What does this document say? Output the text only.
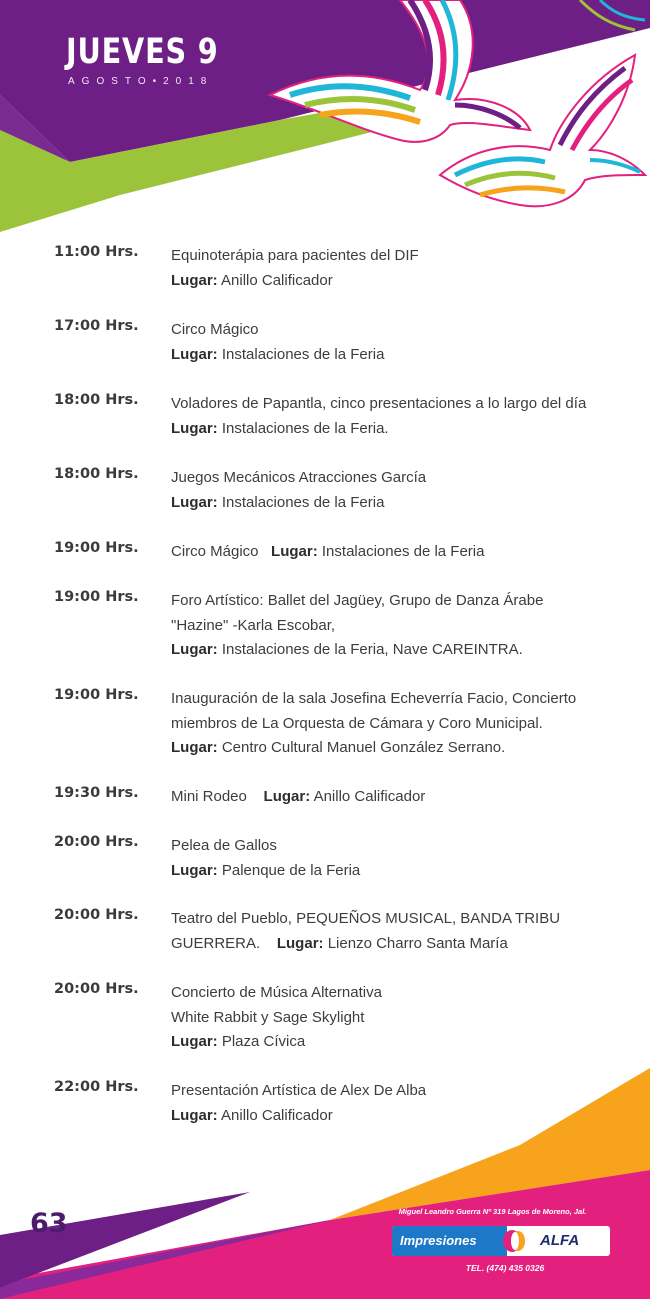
JUEVES 9
AGOSTO•2018
11:00 Hrs. Equinoterápia para pacientes del DIF
Lugar: Anillo Calificador
17:00 Hrs. Circo Mágico
Lugar: Instalaciones de la Feria
18:00 Hrs. Voladores de Papantla, cinco presentaciones a lo largo del día
Lugar: Instalaciones de la Feria.
18:00 Hrs. Juegos Mecánicos Atracciones García
Lugar: Instalaciones de la Feria
19:00 Hrs. Circo Mágico Lugar: Instalaciones de la Feria
19:00 Hrs. Foro Artístico: Ballet del Jagüey, Grupo de Danza Árabe
"Hazine" -Karla Escobar,
Lugar: Instalaciones de la Feria, Nave CAREINTRA.
19:00 Hrs. Inauguración de la sala Josefina Echeverría Facio, Concierto
miembros de La Orquesta de Cámara y Coro Municipal.
Lugar: Centro Cultural Manuel González Serrano.
19:30 Hrs. Mini Rodeo Lugar: Anillo Calificador
20:00 Hrs. Pelea de Gallos
Lugar: Palenque de la Feria
20:00 Hrs. Teatro del Pueblo, PEQUEÑOS MUSICAL, BANDA TRIBU
GUERRERA. Lugar: Lienzo Charro Santa María
20:00 Hrs. Concierto de Música Alternativa
White Rabbit y Sage Skylight
Lugar: Plaza Cívica
22:00 Hrs. Presentación Artística de Alex De Alba
Lugar: Anillo Calificador
63	Miguel Leandro Guerra Nº 319 Lagos de Moreno, Jal.
Impresiones	ALFA
TEL. (474) 435 0326
